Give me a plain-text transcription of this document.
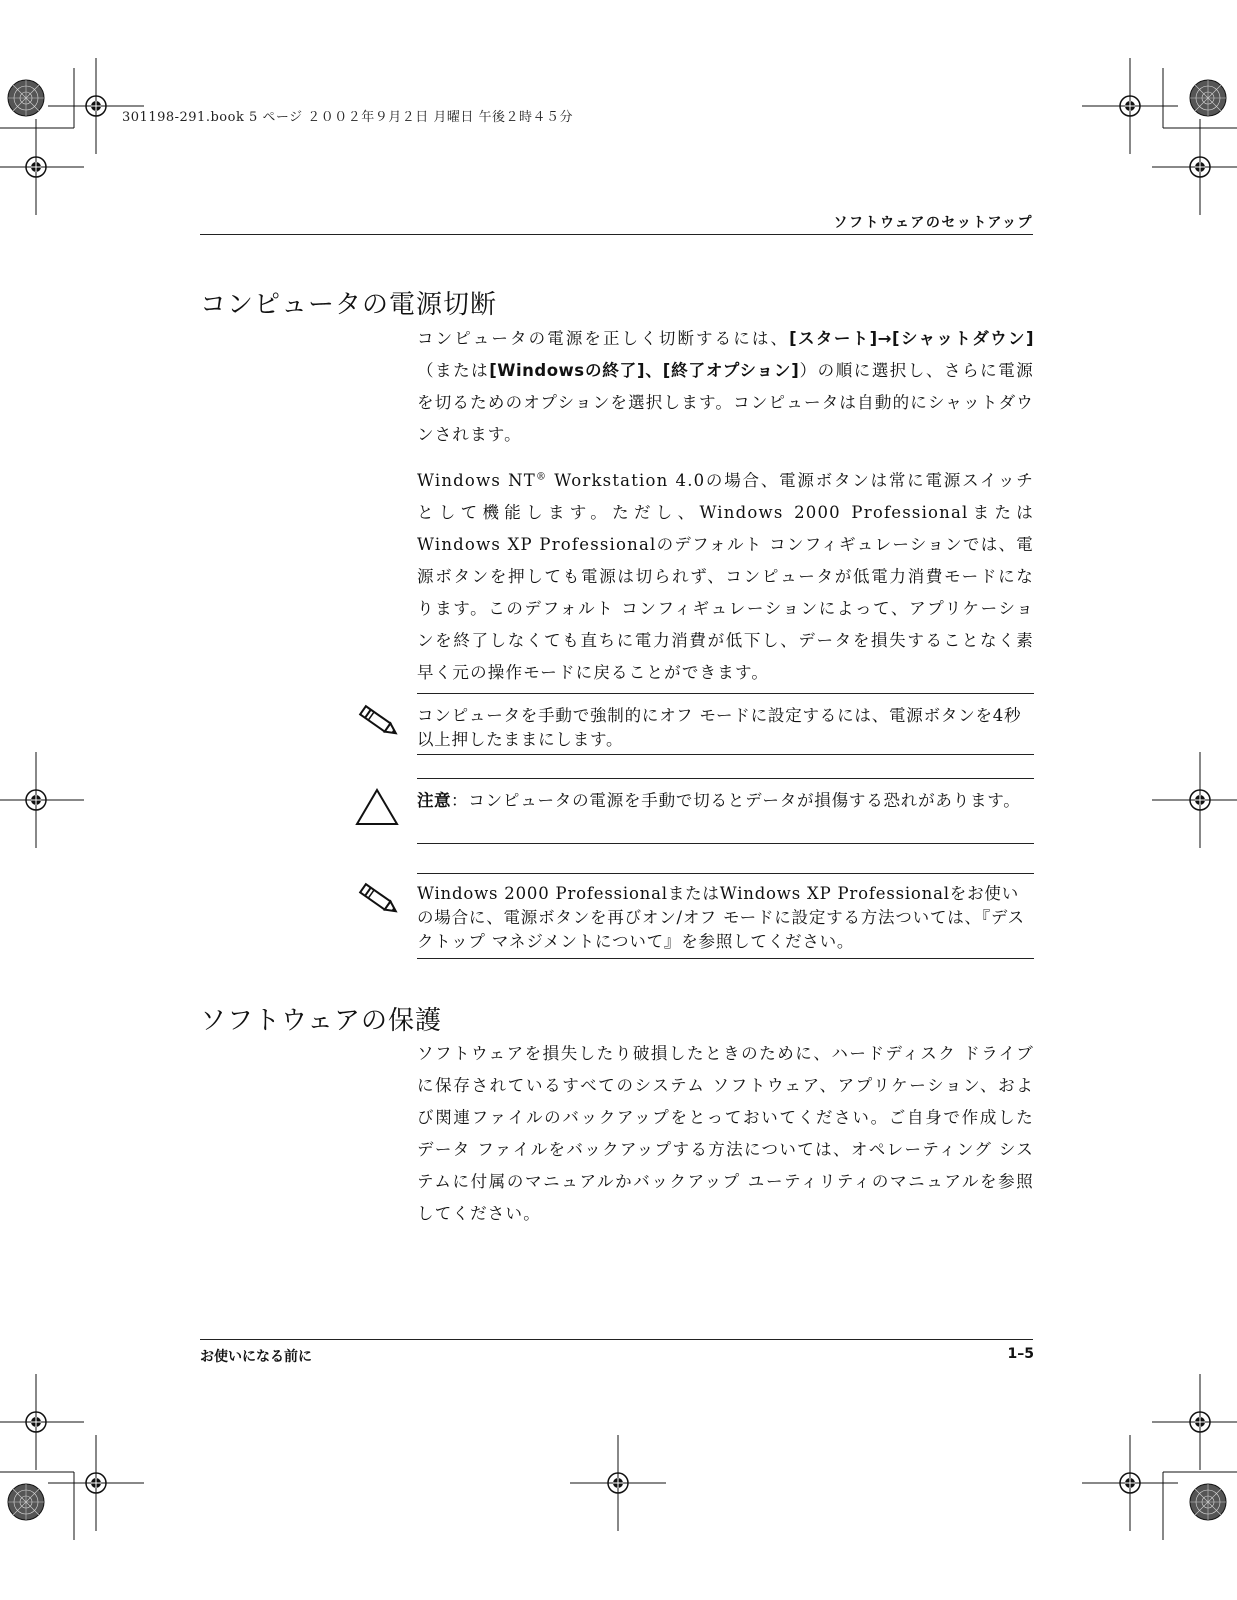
301198-291.book 5 ページ ２００２年９月２日 月曜日 午後２時４５分
ソフトウェアのセットアップ
コンピュータの電源切断

コンピュータの電源を正しく切断するには、[スタート]→[シャットダウン]（または[Windowsの終了]、[終了オプション]）の順に選択し、さらに電源を切るためのオプションを選択します。コンピュータは自動的にシャットダウンされます。

Windows NT® Workstation 4.0の場合、電源ボタンは常に電源スイッチとして機能します。ただし、Windows 2000 ProfessionalまたはWindows XP Professionalのデフォルト コンフィギュレーションでは、電源ボタンを押しても電源は切られず、コンピュータが低電力消費モードになります。このデフォルト コンフィギュレーションによって、アプリケーションを終了しなくても直ちに電力消費が低下し、データを損失することなく素早く元の操作モードに戻ることができます。

コンピュータを手動で強制的にオフ モードに設定するには、電源ボタンを4秒以上押したままにします。

注意：コンピュータの電源を手動で切るとデータが損傷する恐れがあります。

Windows 2000 ProfessionalまたはWindows XP Professionalをお使いの場合に、電源ボタンを再びオン/オフ モードに設定する方法ついては、『デスクトップ マネジメントについて』を参照してください。

ソフトウェアの保護

ソフトウェアを損失したり破損したときのために、ハードディスク ドライブに保存されているすべてのシステム ソフトウェア、アプリケーション、および関連ファイルのバックアップをとっておいてください。ご自身で作成したデータ ファイルをバックアップする方法については、オペレーティング システムに付属のマニュアルかバックアップ ユーティリティのマニュアルを参照してください。

お使いになる前に	1–5
